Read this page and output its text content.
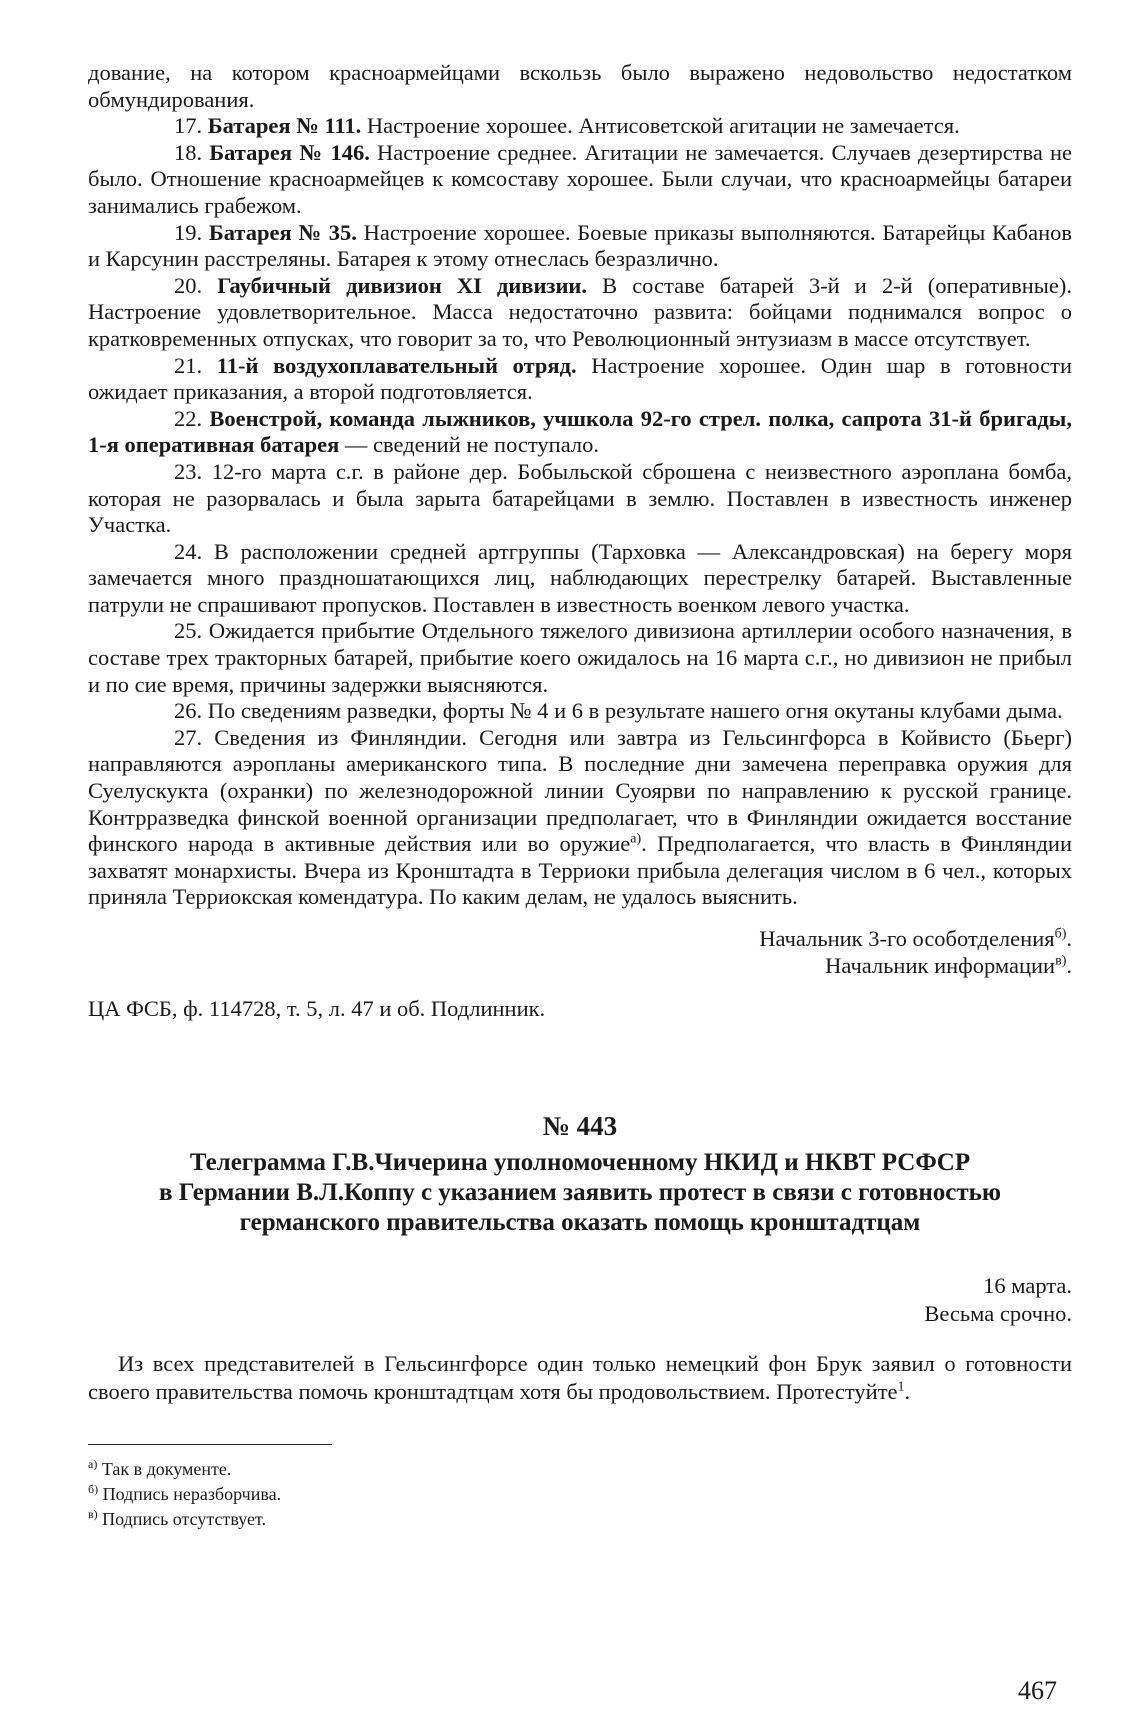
дование, на котором красноармейцами вскользь было выражено недовольство недостатком обмундирования.

17. Батарея № 111. Настроение хорошее. Антисоветской агитации не замечается.

18. Батарея № 146. Настроение среднее. Агитации не замечается. Случаев дезертирства не было. Отношение красноармейцев к комсоставу хорошее. Были случаи, что красноармейцы батареи занимались грабежом.

19. Батарея № 35. Настроение хорошее. Боевые приказы выполняются. Батарейцы Кабанов и Карсунин расстреляны. Батарея к этому отнеслась безразлично.

20. Гаубичный дивизион XI дивизии. В составе батарей 3-й и 2-й (оперативные). Настроение удовлетворительное. Масса недостаточно развита: бойцами поднимался вопрос о кратковременных отпусках, что говорит за то, что Революционный энтузиазм в массе отсутствует.

21. 11-й воздухоплавательный отряд. Настроение хорошее. Один шар в готовности ожидает приказания, а второй подготовляется.

22. Военстрой, команда лыжников, учшкола 92-го стрел. полка, сапрота 31-й бригады, 1-я оперативная батарея — сведений не поступало.

23. 12-го марта с.г. в районе дер. Бобыльской сброшена с неизвестного аэроплана бомба, которая не разорвалась и была зарыта батарейцами в землю. Поставлен в известность инженер Участка.

24. В расположении средней артгруппы (Тарховка — Александровская) на берегу моря замечается много праздношатающихся лиц, наблюдающих перестрелку батарей. Выставленные патрули не спрашивают пропусков. Поставлен в известность военком левого участка.

25. Ожидается прибытие Отдельного тяжелого дивизиона артиллерии особого назначения, в составе трех тракторных батарей, прибытие коего ожидалось на 16 марта с.г., но дивизион не прибыл и по сие время, причины задержки выясняются.

26. По сведениям разведки, форты № 4 и 6 в результате нашего огня окутаны клубами дыма.

27. Сведения из Финляндии. Сегодня или завтра из Гельсингфорса в Койвисто (Бьерг) направляются аэропланы американского типа. В последние дни замечена переправка оружия для Суелускукта (охранки) по железнодорожной линии Суоярви по направлению к русской границе. Контрразведка финской военной организации предполагает, что в Финляндии ожидается восстание финского народа в активные действия или во оружие$^{а)}$. Предполагается, что власть в Финляндии захватят монархисты. Вчера из Кронштадта в Терриоки прибыла делегация числом в 6 чел., которых приняла Терриокская комендатура. По каким делам, не удалось выяснить.

Начальник 3-го особотделения$^{б)}$.

Начальник информации$^{в)}$.

ЦА ФСБ, ф. 114728, т. 5, л. 47 и об. Подлинник.

№ 443

Телеграмма Г.В.Чичерина уполномоченному НКИД и НКВТ РСФСР
в Германии В.Л.Коппу с указанием заявить протест в связи с готовностью
германского правительства оказать помощь кронштадтцам

16 марта.
Весьма срочно.

Из всех представителей в Гельсингфорсе один только немецкий фон Брук заявил о готовности своего правительства помочь кронштадтцам хотя бы продовольствием. Протестуйте$^1$.

$^{а)}$ Так в документе.

$^{б)}$ Подпись неразборчива.

$^{в)}$ Подпись отсутствует.

467
